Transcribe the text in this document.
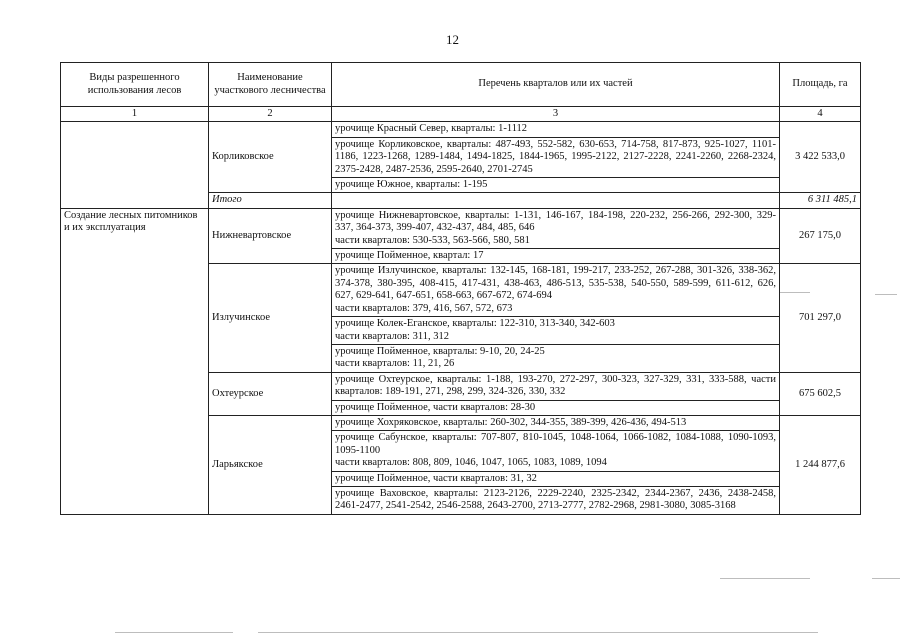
12
Виды разрешенного использования лесов	Наименование участкового лесничества	Перечень кварталов или их частей	Площадь, га
1	2	3	4
	Корликовское	урочище Красный Север, кварталы: 1-1112	3 422 533,0
		урочище Корликовское, кварталы: 487-493, 552-582, 630-653, 714-758, 817-873, 925-1027, 1101-1186, 1223-1268, 1289-1484, 1494-1825, 1844-1965, 1995-2122, 2127-2228, 2241-2260, 2268-2324, 2375-2428, 2487-2536, 2595-2640, 2701-2745	
		урочище Южное, кварталы: 1-195	
	Итого		6 311 485,1
Создание лесных питомников и их эксплуатация	Нижневартовское	урочище Нижневартовское, кварталы: 1-131, 146-167, 184-198, 220-232, 256-266, 292-300, 329-337, 364-373, 399-407, 432-437, 484, 485, 646
части кварталов: 530-533, 563-566, 580, 581	267 175,0
		урочище Пойменное, квартал: 17	
	Излучинское	урочище Излучинское, кварталы: 132-145, 168-181, 199-217, 233-252, 267-288, 301-326, 338-362, 374-378, 380-395, 408-415, 417-431, 438-463, 486-513, 535-538, 540-550, 589-599, 611-612, 626, 627, 629-641, 647-651, 658-663, 667-672, 674-694
части кварталов: 379, 416, 567, 572, 673	701 297,0

		урочище Колек-Еганское, кварталы: 122-310, 313-340, 342-603
части кварталов: 311, 312	

		урочище Пойменное, кварталы: 9-10, 20, 24-25
части кварталов: 11, 21, 26	

	Охтеурское	урочище Охтеурское, кварталы: 1-188, 193-270, 272-297, 300-323, 327-329, 331, 333-588, части кварталов: 189-191, 271, 298, 299, 324-326, 330, 332	675 602,5
		урочище Пойменное, части кварталов: 28-30	
	Ларьякское	урочище Хохряковское, кварталы: 260-302, 344-355, 389-399, 426-436, 494-513	1 244 877,6

		урочище Сабунское, кварталы: 707-807, 810-1045, 1048-1064, 1066-1082, 1084-1088, 1090-1093, 1095-1100
части кварталов: 808, 809, 1046, 1047, 1065, 1083, 1089, 1094	

		урочище Пойменное, части кварталов: 31, 32	
		урочище Ваховское, кварталы: 2123-2126, 2229-2240, 2325-2342, 2344-2367, 2436, 2438-2458, 2461-2477, 2541-2542, 2546-2588, 2643-2700, 2713-2777, 2782-2968, 2981-3080, 3085-3168	
